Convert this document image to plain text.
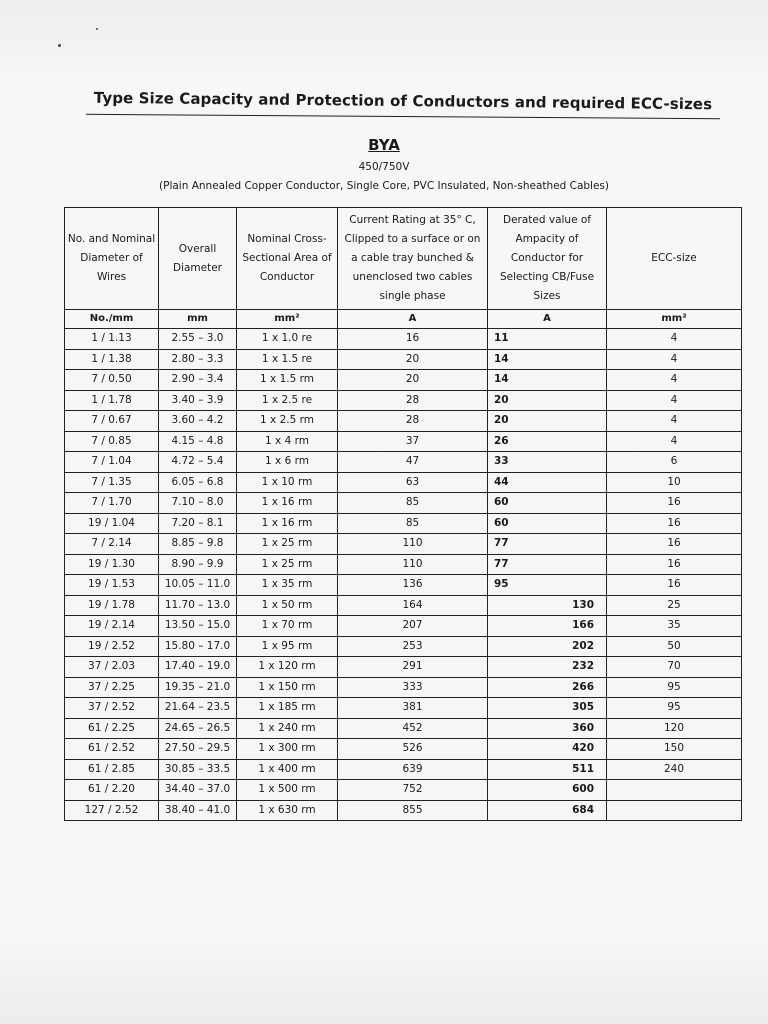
Type Size Capacity and Protection of Conductors and required ECC-sizes
BYA
450/750V
(Plain Annealed Copper Conductor, Single Core, PVC Insulated, Non-sheathed Cables)
No. and Nominal Diameter of Wires	Overall Diameter	Nominal Cross-Sectional Area of Conductor	Current Rating at 35° C, Clipped to a surface or on a cable tray bunched & unenclosed two cables single phase	Derated value of Ampacity of Conductor for Selecting CB/Fuse Sizes	ECC-size
No./mm	mm	mm²	A	A	mm²
1 / 1.13	2.55 – 3.0	1 x 1.0 re	16	11	4
1 / 1.38	2.80 – 3.3	1 x 1.5 re	20	14	4
7 / 0.50	2.90 – 3.4	1 x 1.5 rm	20	14	4
1 / 1.78	3.40 – 3.9	1 x 2.5 re	28	20	4
7 / 0.67	3.60 – 4.2	1 x 2.5 rm	28	20	4
7 / 0.85	4.15 – 4.8	1 x 4 rm	37	26	4
7 / 1.04	4.72 – 5.4	1 x 6 rm	47	33	6
7 / 1.35	6.05 – 6.8	1 x 10 rm	63	44	10
7 / 1.70	7.10 – 8.0	1 x 16 rm	85	60	16
19 / 1.04	7.20 – 8.1	1 x 16 rm	85	60	16
7 / 2.14	8.85 – 9.8	1 x 25 rm	110	77	16
19 / 1.30	8.90 – 9.9	1 x 25 rm	110	77	16
19 / 1.53	10.05 – 11.0	1 x 35 rm	136	95	16
19 / 1.78	11.70 – 13.0	1 x 50 rm	164	130	25
19 / 2.14	13.50 – 15.0	1 x 70 rm	207	166	35
19 / 2.52	15.80 – 17.0	1 x 95 rm	253	202	50
37 / 2.03	17.40 – 19.0	1 x 120 rm	291	232	70
37 / 2.25	19.35 – 21.0	1 x 150 rm	333	266	95
37 / 2.52	21.64 – 23.5	1 x 185 rm	381	305	95
61 / 2.25	24.65 – 26.5	1 x 240 rm	452	360	120
61 / 2.52	27.50 – 29.5	1 x 300 rm	526	420	150
61 / 2.85	30.85 – 33.5	1 x 400 rm	639	511	240
61 / 2.20	34.40 – 37.0	1 x 500 rm	752	600	
127 / 2.52	38.40 – 41.0	1 x 630 rm	855	684	
